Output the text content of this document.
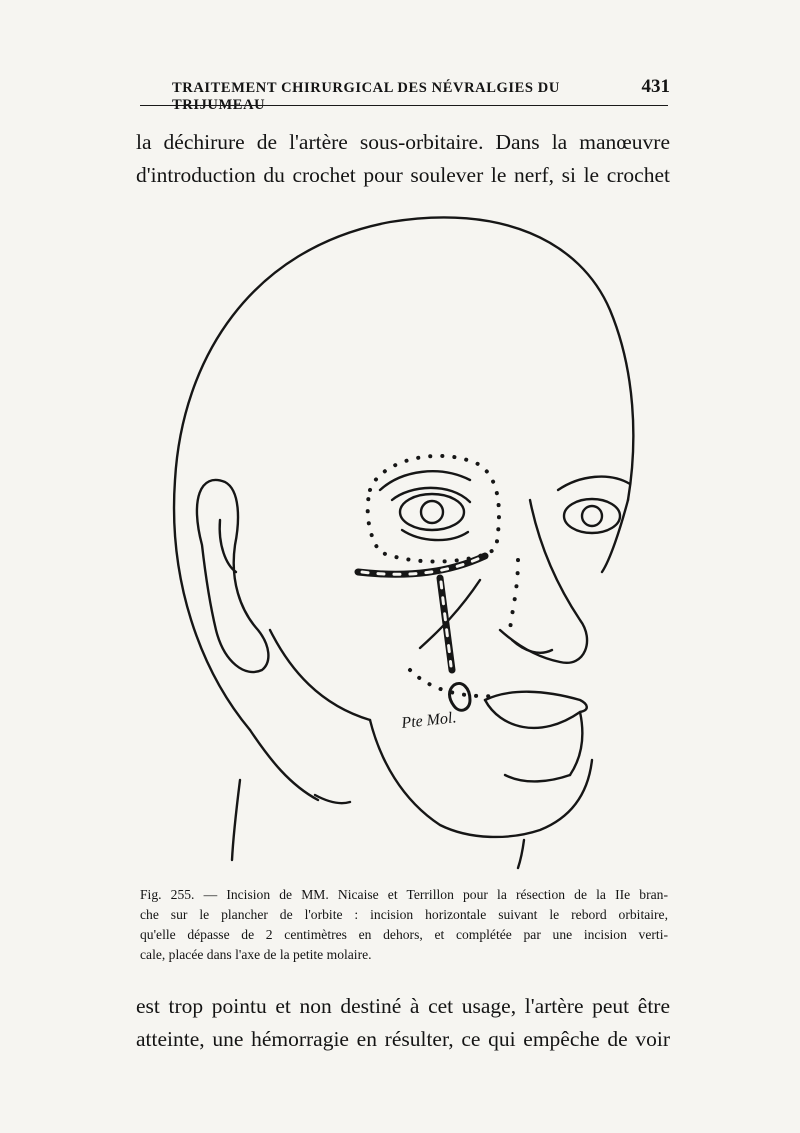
TRAITEMENT CHIRURGICAL DES NÉVRALGIES DU TRIJUMEAU
431

la déchirure de l'artère sous-orbitaire. Dans la manœuvre
d'introduction du crochet pour soulever le nerf, si le crochet

Pte Mol.

Fig. 255. — Incision de MM. Nicaise et Terrillon pour la résection de la IIe bran-
che sur le plancher de l'orbite : incision horizontale suivant le rebord orbitaire,
qu'elle dépasse de 2 centimètres en dehors, et complétée par une incision verti-
cale, placée dans l'axe de la petite molaire.

est trop pointu et non destiné à cet usage, l'artère peut être
atteinte, une hémorragie en résulter, ce qui empêche de voir
